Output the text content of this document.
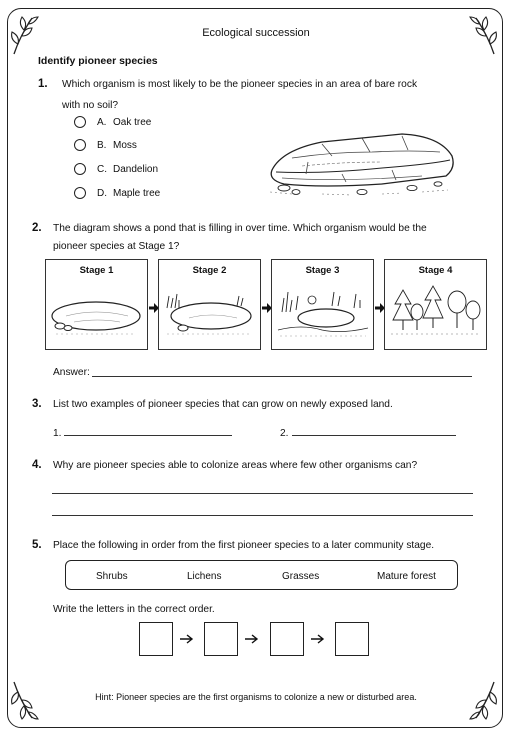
Ecological succession
Identify pioneer species
1. Which organism is most likely to be the pioneer species in an area of bare rock
with no soil?
A. Oak tree
B. Moss
C. Dandelion
D. Maple tree
2. The diagram shows a pond that is filling in over time. Which organism would be the
pioneer species at Stage 1?
Stage 1	Stage 2	Stage 3	Stage 4
Answer:
3. List two examples of pioneer species that can grow on newly exposed land.
1.	2.
4. Why are pioneer species able to colonize areas where few other organisms can?
5. Place the following in order from the first pioneer species to a later community stage.
Shrubs	Lichens	Grasses	Mature forest
Write the letters in the correct order.
Hint: Pioneer species are the first organisms to colonize a new or disturbed area.
